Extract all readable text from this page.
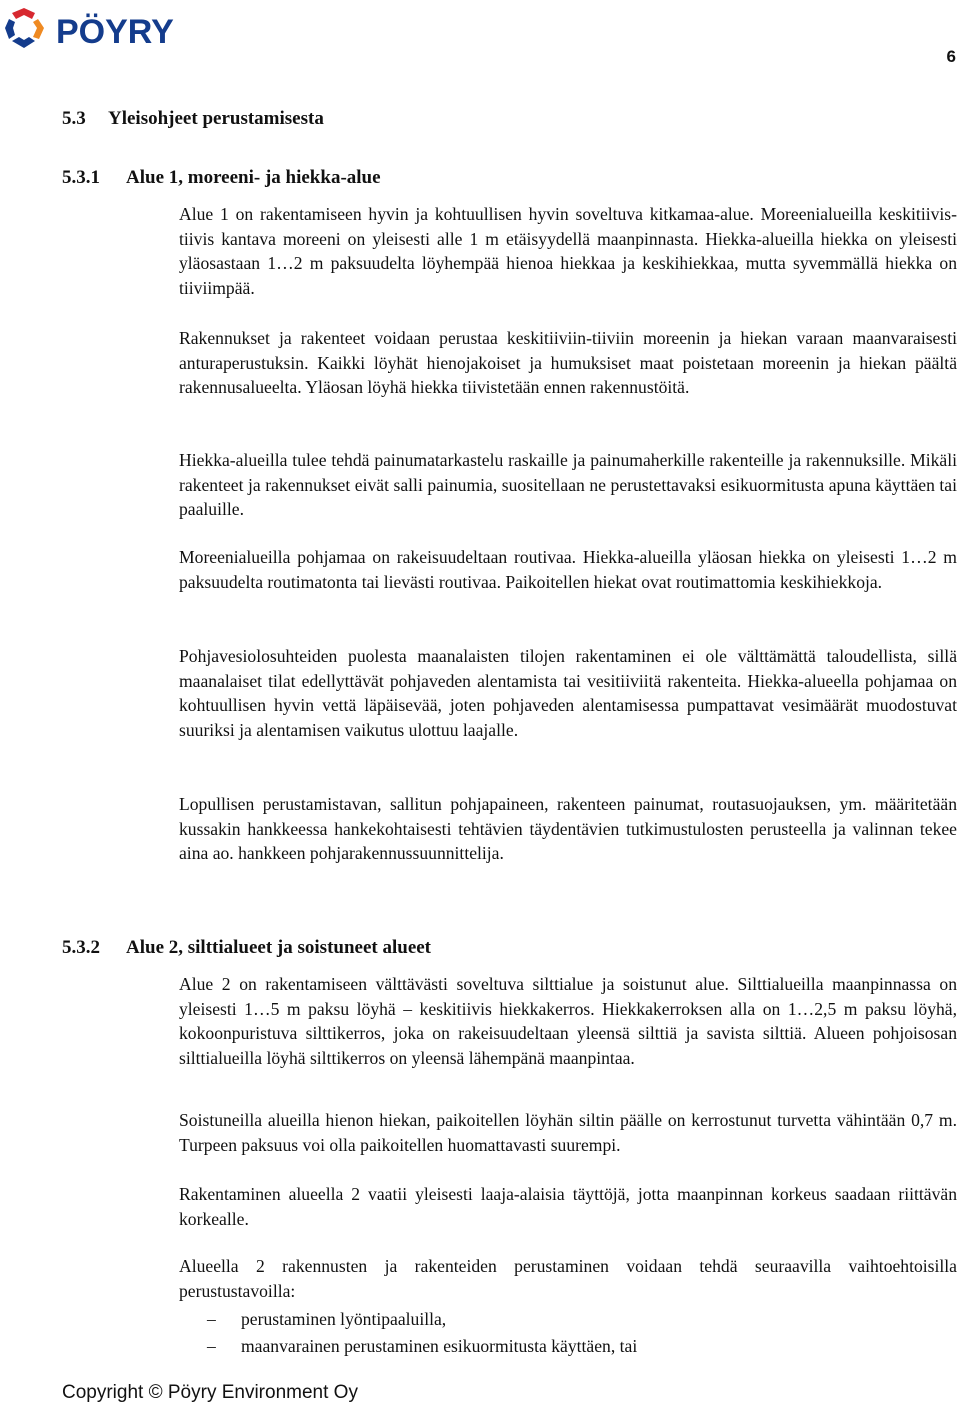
PÖYRY
6
5.3 Yleisohjeet perustamisesta
5.3.1 Alue 1, moreeni- ja hiekka-alue

Alue 1 on rakentamiseen hyvin ja kohtuullisen hyvin soveltuva kitkamaa-alue. Moreenialueilla keskitiivis-tiivis kantava moreeni on yleisesti alle 1 m etäisyydellä maanpinnasta. Hiekka-alueilla hiekka on yleisesti yläosastaan 1…2 m paksuudelta löyhempää hienoa hiekkaa ja keskihiekkaa, mutta syvemmällä hiekka on tiiviimpää.

Rakennukset ja rakenteet voidaan perustaa keskitiiviin-tiiviin moreenin ja hiekan varaan maanvaraisesti anturaperustuksin. Kaikki löyhät hienojakoiset ja humuksiset maat poistetaan moreenin ja hiekan päältä rakennusalueelta. Yläosan löyhä hiekka tiivistetään ennen rakennustöitä.

Hiekka-alueilla tulee tehdä painumatarkastelu raskaille ja painumaherkille rakenteille ja rakennuksille. Mikäli rakenteet ja rakennukset eivät salli painumia, suositellaan ne perustettavaksi esikuormitusta apuna käyttäen tai paaluille.

Moreenialueilla pohjamaa on rakeisuudeltaan routivaa. Hiekka-alueilla yläosan hiekka on yleisesti 1…2 m paksuudelta routimatonta tai lievästi routivaa. Paikoitellen hiekat ovat routimattomia keskihiekkoja.

Pohjavesiolosuhteiden puolesta maanalaisten tilojen rakentaminen ei ole välttämättä taloudellista, sillä maanalaiset tilat edellyttävät pohjaveden alentamista tai vesitiiviitä rakenteita. Hiekka-alueella pohjamaa on kohtuullisen hyvin vettä läpäisevää, joten pohjaveden alentamisessa pumpattavat vesimäärät muodostuvat suuriksi ja alentamisen vaikutus ulottuu laajalle.

Lopullisen perustamistavan, sallitun pohjapaineen, rakenteen painumat, routasuojauksen, ym. määritetään kussakin hankkeessa hankekohtaisesti tehtävien täydentävien tutkimustulosten perusteella ja valinnan tekee aina ao. hankkeen pohjarakennussuunnittelija.

5.3.2 Alue 2, silttialueet ja soistuneet alueet

Alue 2 on rakentamiseen välttävästi soveltuva silttialue ja soistunut alue. Silttialueilla maanpinnassa on yleisesti 1…5 m paksu löyhä – keskitiivis hiekkakerros. Hiekkakerroksen alla on 1…2,5 m paksu löyhä, kokoonpuristuva silttikerros, joka on rakeisuudeltaan yleensä silttiä ja savista silttiä. Alueen pohjoisosan silttialueilla löyhä silttikerros on yleensä lähempänä maanpintaa.

Soistuneilla alueilla hienon hiekan, paikoitellen löyhän siltin päälle on kerrostunut turvetta vähintään 0,7 m. Turpeen paksuus voi olla paikoitellen huomattavasti suurempi.

Rakentaminen alueella 2 vaatii yleisesti laaja-alaisia täyttöjä, jotta maanpinnan korkeus saadaan riittävän korkealle.

Alueella 2 rakennusten ja rakenteiden perustaminen voidaan tehdä seuraavilla vaihtoehtoisilla perustustavoilla:

– perustaminen lyöntipaaluilla,
– maanvarainen perustaminen esikuormitusta käyttäen, tai
Copyright © Pöyry Environment Oy
